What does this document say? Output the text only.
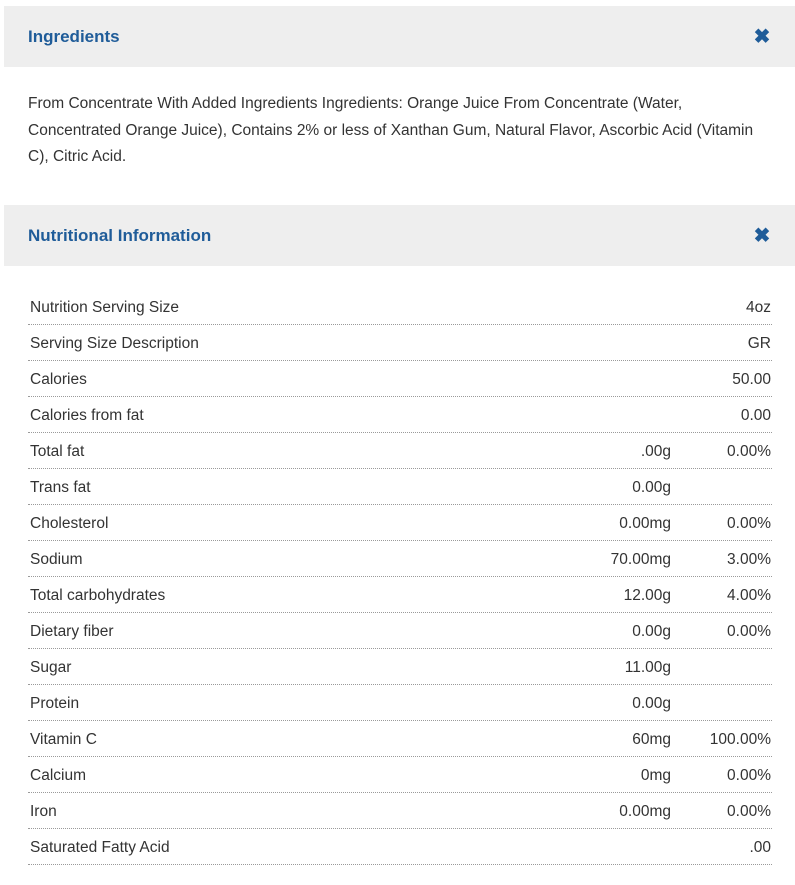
Ingredients	✖
From Concentrate With Added Ingredients Ingredients: Orange Juice From Concentrate (Water, Concentrated Orange Juice), Contains 2% or less of Xanthan Gum, Natural Flavor, Ascorbic Acid (Vitamin C), Citric Acid.
Nutritional Information	✖
Nutrition Serving Size	4oz
Serving Size Description	GR
Calories	50.00
Calories from fat	0.00
Total fat	.00g	0.00%
Trans fat	0.00g
Cholesterol	0.00mg	0.00%
Sodium	70.00mg	3.00%
Total carbohydrates	12.00g	4.00%
Dietary fiber	0.00g	0.00%
Sugar	11.00g
Protein	0.00g
Vitamin C	60mg	100.00%
Calcium	0mg	0.00%
Iron	0.00mg	0.00%
Saturated Fatty Acid	.00
